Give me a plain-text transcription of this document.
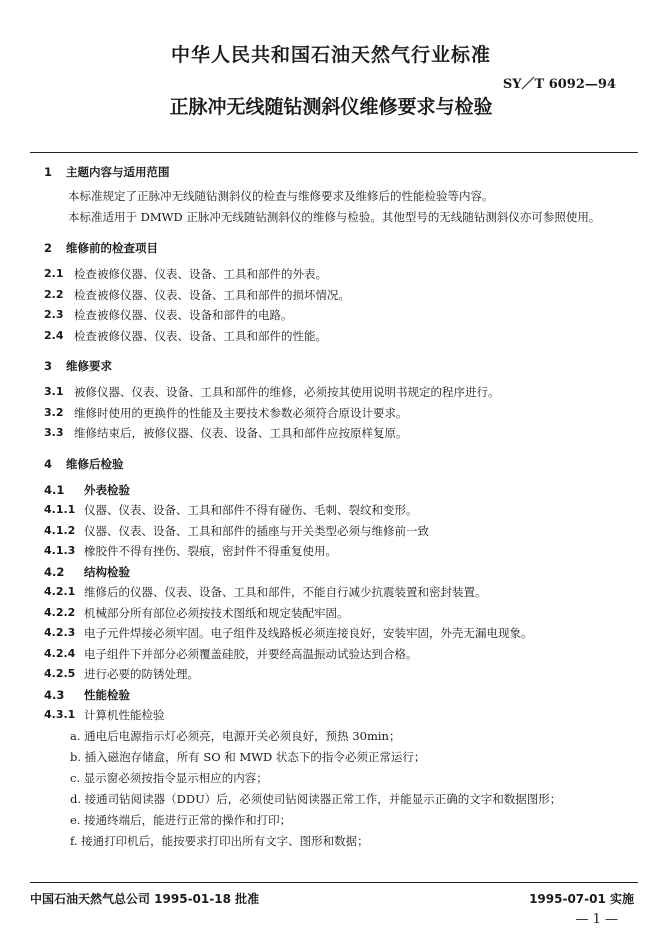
中华人民共和国石油天然气行业标准
SY／T 6092—94
正脉冲无线随钻测斜仪维修要求与检验
1 主题内容与适用范围
本标准规定了正脉冲无线随钻测斜仪的检查与维修要求及维修后的性能检验等内容。
本标准适用于 DMWD 正脉冲无线随钻测斜仪的维修与检验。其他型号的无线随钻测斜仪亦可参照使用。
2 维修前的检查项目
2.1 检查被修仪器、仪表、设备、工具和部件的外表。
2.2 检查被修仪器、仪表、设备、工具和部件的损坏情况。
2.3 检查被修仪器、仪表、设备和部件的电路。
2.4 检查被修仪器、仪表、设备、工具和部件的性能。
3 维修要求
3.1 被修仪器、仪表、设备、工具和部件的维修，必须按其使用说明书规定的程序进行。
3.2 维修时使用的更换件的性能及主要技术参数必须符合原设计要求。
3.3 维修结束后，被修仪器、仪表、设备、工具和部件应按原样复原。
4 维修后检验
4.1	外表检验
4.1.1 仪器、仪表、设备、工具和部件不得有碰伤、毛刺、裂纹和变形。
4.1.2 仪器、仪表、设备、工具和部件的插座与开关类型必须与维修前一致
4.1.3 橡胶件不得有挫伤、裂痕，密封件不得重复使用。
4.2	结构检验
4.2.1 维修后的仪器、仪表、设备、工具和部件，不能自行减少抗震装置和密封装置。
4.2.2 机械部分所有部位必须按技术图纸和规定装配牢固。
4.2.3 电子元件焊接必须牢固。电子组件及线路板必须连接良好，安装牢固，外壳无漏电现象。
4.2.4 电子组件下并部分必须覆盖硅胶，并要经高温振动试验达到合格。
4.2.5 进行必要的防锈处理。
4.3	性能检验
4.3.1 计算机性能检验
a. 通电后电源指示灯必须亮，电源开关必须良好，预热 30min；
b. 插入磁泡存储盒，所有 SO 和 MWD 状态下的指令必须正常运行；
c. 显示窗必须按指令显示相应的内容；
d. 接通司钻阅读器（DDU）后，必须使司钻阅读器正常工作，并能显示正确的文字和数据图形；
e. 接通终端后，能进行正常的操作和打印；
f. 接通打印机后，能按要求打印出所有文字、图形和数据；
中国石油天然气总公司 1995-01-18 批准	1995-07-01 实施
— 1 —
